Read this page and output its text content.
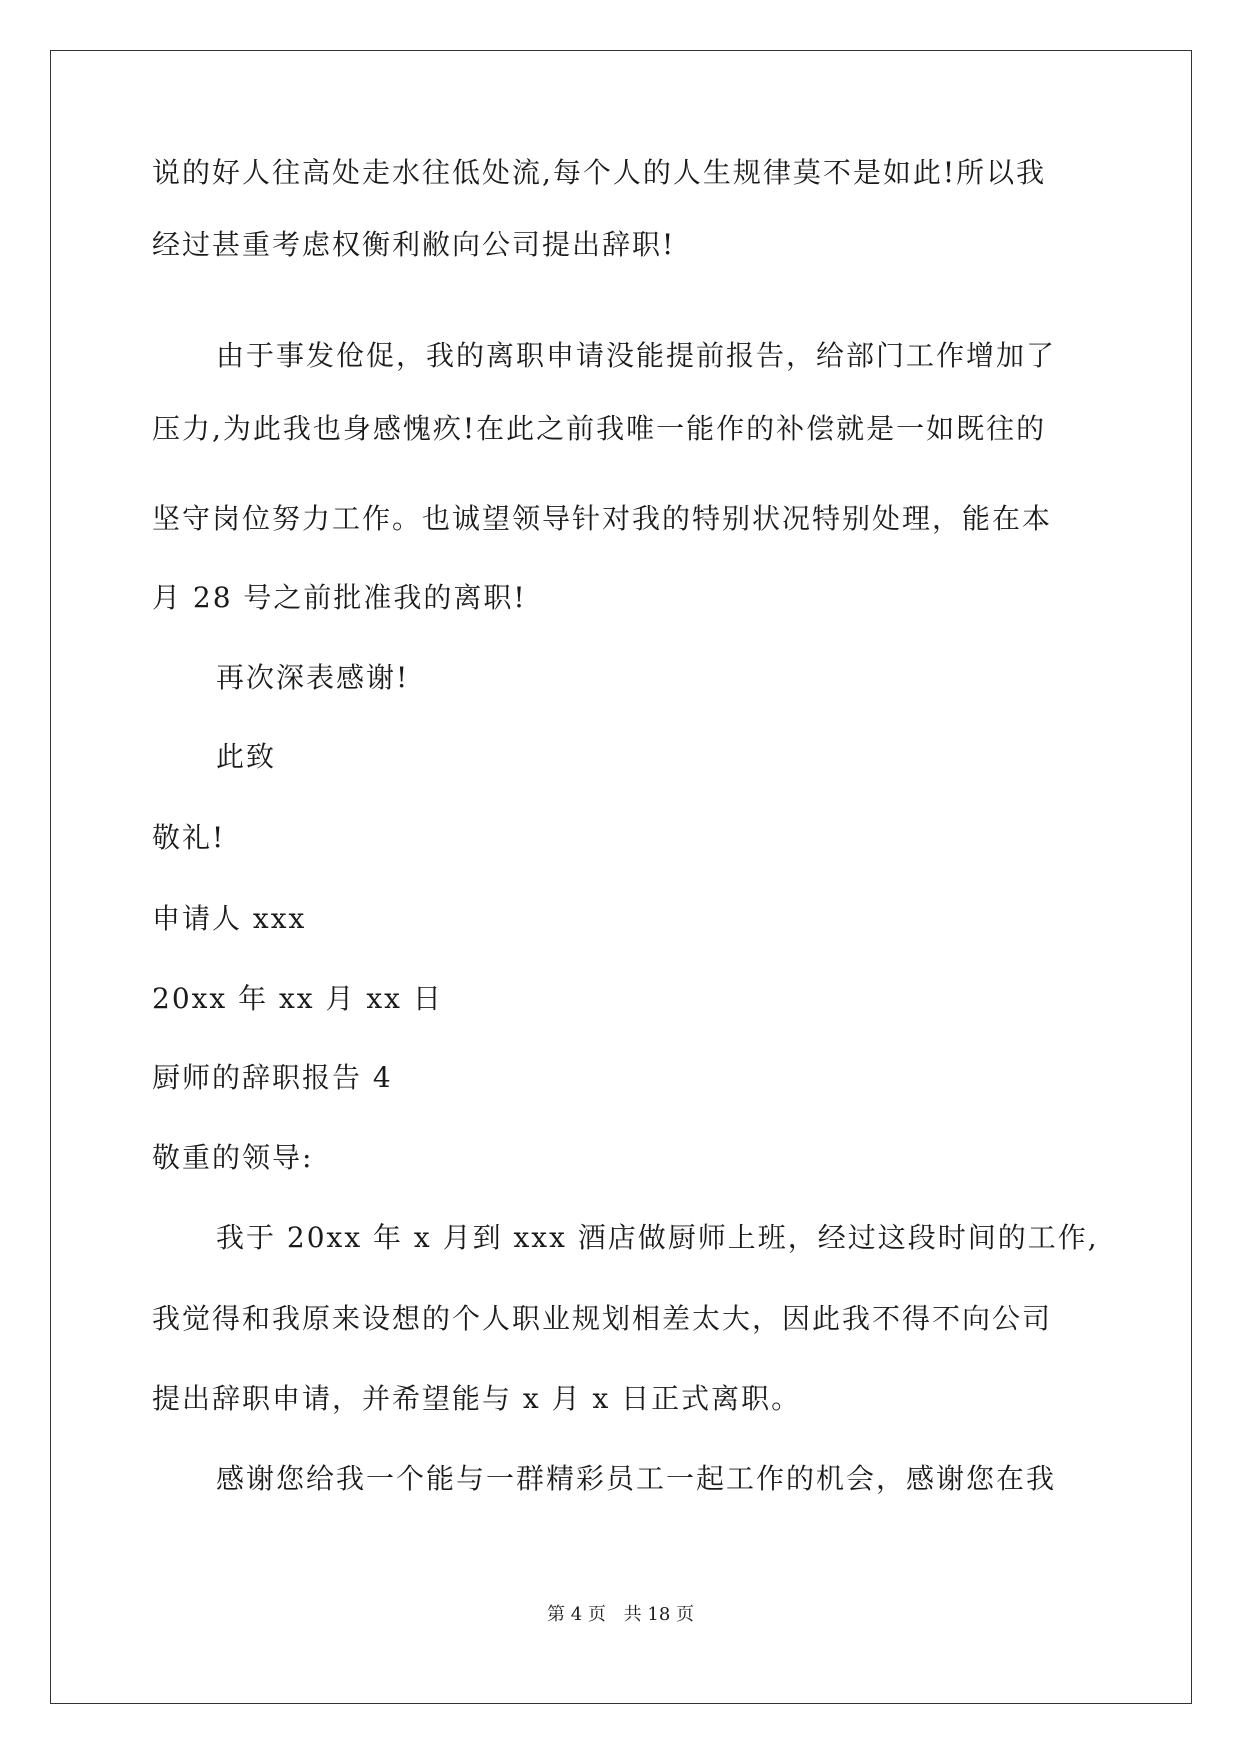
说的好人往高处走水往低处流,每个人的人生规律莫不是如此!所以我
经过甚重考虑权衡利敝向公司提出辞职!
由于事发伧促，我的离职申请没能提前报告，给部门工作增加了
压力,为此我也身感愧疚!在此之前我唯一能作的补偿就是一如既往的
坚守岗位努力工作。也诚望领导针对我的特别状况特别处理，能在本
月 28 号之前批准我的离职!
再次深表感谢!
此致
敬礼!
申请人 xxx
20xx 年 xx 月 xx 日
厨师的辞职报告 4
敬重的领导:
我于 20xx 年 x 月到 xxx 酒店做厨师上班，经过这段时间的工作,
我觉得和我原来设想的个人职业规划相差太大，因此我不得不向公司
提出辞职申请，并希望能与 x 月 x 日正式离职。
感谢您给我一个能与一群精彩员工一起工作的机会，感谢您在我
第 4 页 共 18 页
